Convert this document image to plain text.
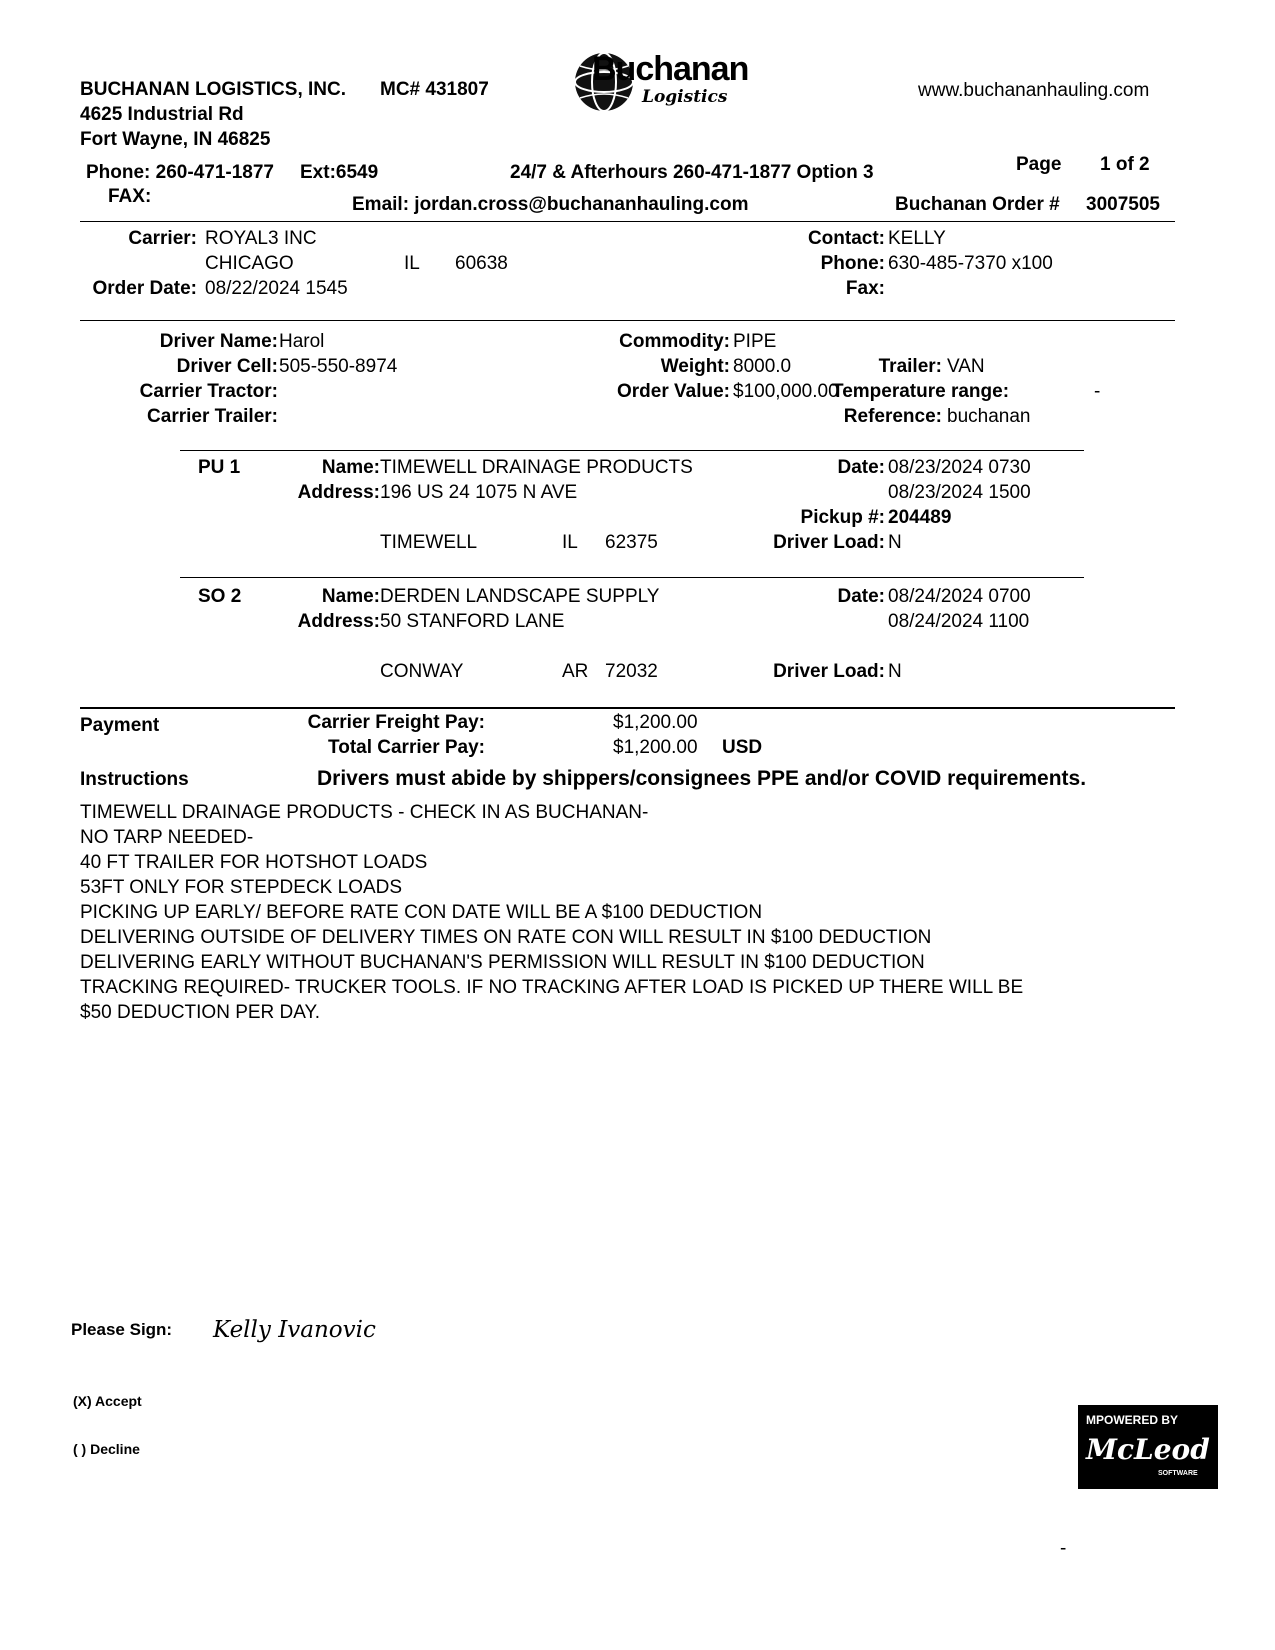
BUCHANAN LOGISTICS, INC. MC# 431807
4625 Industrial Rd
Fort Wayne, IN 46825
Buchanan
Logistics	www.buchananhauling.com
Phone: 260-471-1877 Ext:6549	24/7 & Afterhours 260-471-1877 Option 3	Page 1 of 2
FAX:	Email: jordan.cross@buchananhauling.com	Buchanan Order # 3007505
Carrier: ROYAL3 INC
CHICAGO	IL 60638
Order Date: 08/22/2024 1545
Contact: KELLY
Phone: 630-485-7370 x100
Fax:
Driver Name: Harol
Driver Cell: 505-550-8974
Carrier Tractor:
Carrier Trailer:
Commodity: PIPE
Weight: 8000.0
Order Value: $100,000.00
Trailer: VAN
Temperature range:	-
Reference: buchanan
PU 1	Name: TIMEWELL DRAINAGE PRODUCTS
Address: 196 US 24 1075 N AVE
TIMEWELL	IL 62375
Date: 08/23/2024 0730
08/23/2024 1500
Pickup #: 204489
Driver Load: N
SO 2	Name: DERDEN LANDSCAPE SUPPLY
Address: 50 STANFORD LANE
CONWAY	AR 72032
Date: 08/24/2024 0700
08/24/2024 1100
Driver Load: N
Payment	Carrier Freight Pay:	$1,200.00
Total Carrier Pay:	$1,200.00 USD
Instructions	Drivers must abide by shippers/consignees PPE and/or COVID requirements.
TIMEWELL DRAINAGE PRODUCTS - CHECK IN AS BUCHANAN-
NO TARP NEEDED-
40 FT TRAILER FOR HOTSHOT LOADS
53FT ONLY FOR STEPDECK LOADS
PICKING UP EARLY/ BEFORE RATE CON DATE WILL BE A $100 DEDUCTION
DELIVERING OUTSIDE OF DELIVERY TIMES ON RATE CON WILL RESULT IN $100 DEDUCTION
DELIVERING EARLY WITHOUT BUCHANAN'S PERMISSION WILL RESULT IN $100 DEDUCTION
TRACKING REQUIRED- TRUCKER TOOLS. IF NO TRACKING AFTER LOAD IS PICKED UP THERE WILL BE
$50 DEDUCTION PER DAY.
Please Sign: Kelly Ivanovic
(X) Accept
( ) Decline
MPOWERED BY
McLeod
SOFTWARE
-
